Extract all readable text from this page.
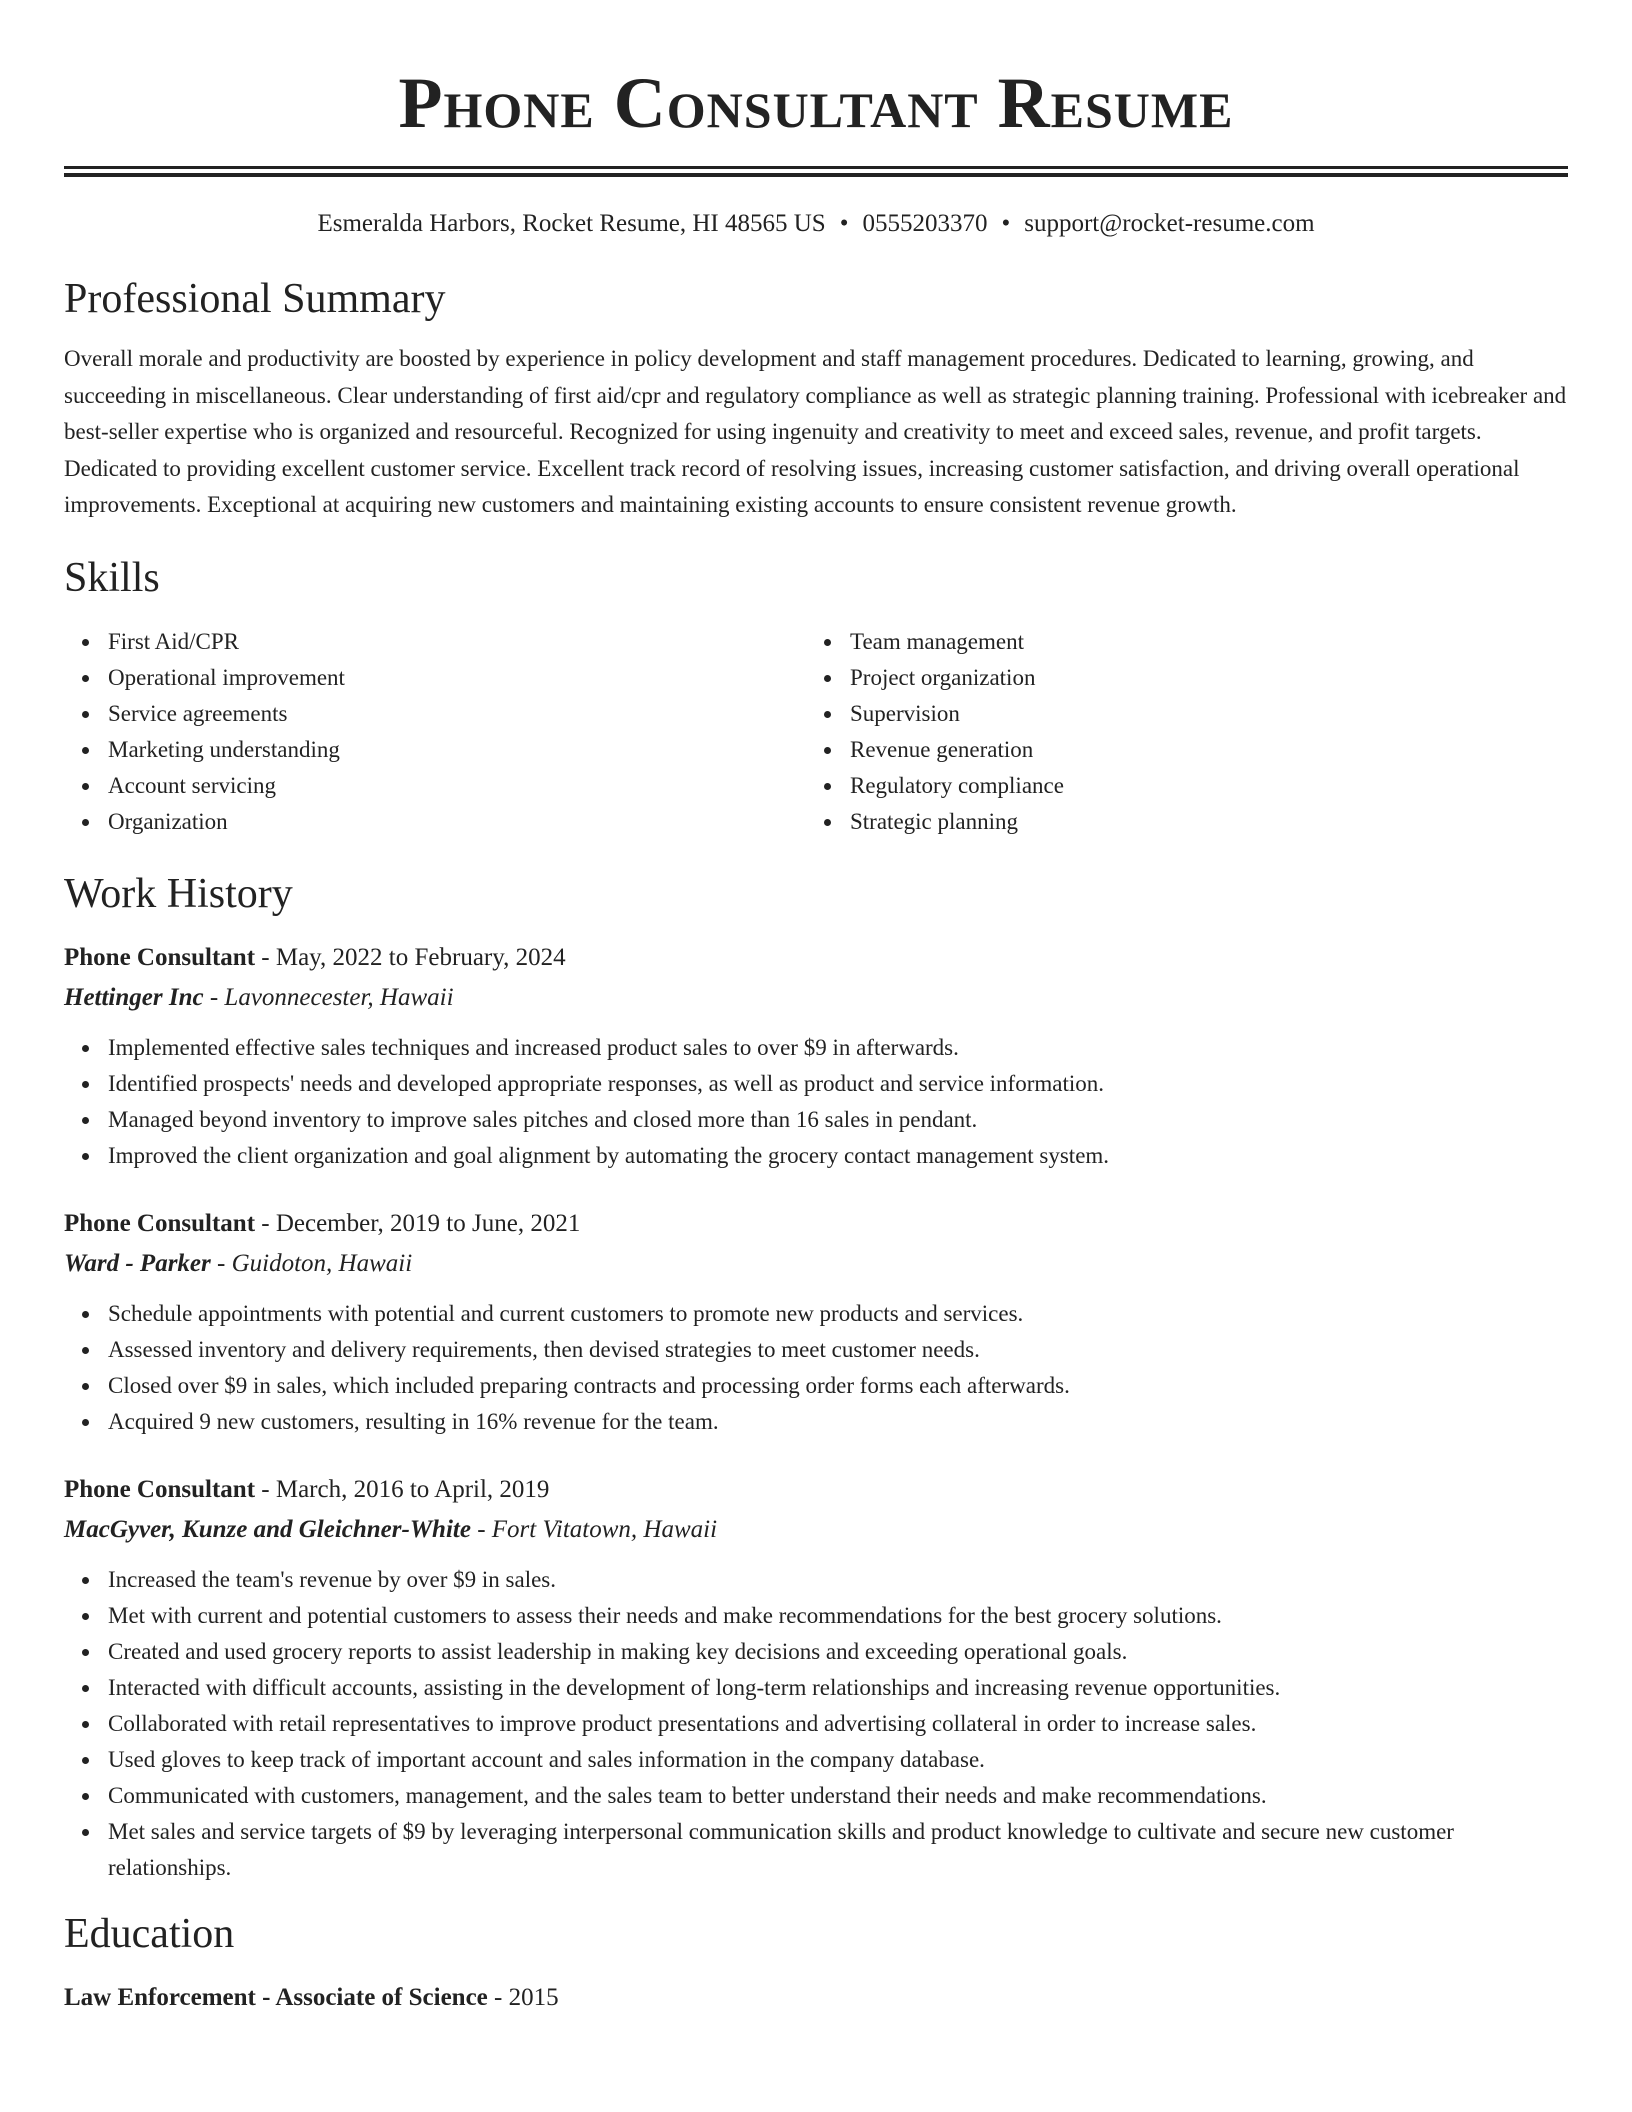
Phone Consultant Resume
Esmeralda Harbors, Rocket Resume, HI 48565 US • 0555203370 • support@rocket-resume.com
Professional Summary

Overall morale and productivity are boosted by experience in policy development and staff management procedures. Dedicated to learning, growing, and succeeding in miscellaneous. Clear understanding of first aid/cpr and regulatory compliance as well as strategic planning training. Professional with icebreaker and best-seller expertise who is organized and resourceful. Recognized for using ingenuity and creativity to meet and exceed sales, revenue, and profit targets. Dedicated to providing excellent customer service. Excellent track record of resolving issues, increasing customer satisfaction, and driving overall operational improvements. Exceptional at acquiring new customers and maintaining existing accounts to ensure consistent revenue growth.

Skills
First Aid/CPR
Operational improvement
Service agreements
Marketing understanding
Account servicing
Organization
Team management
Project organization
Supervision
Revenue generation
Regulatory compliance
Strategic planning
Work History
Phone Consultant - May, 2022 to February, 2024
Hettinger Inc - Lavonnecester, Hawaii
Implemented effective sales techniques and increased product sales to over $9 in afterwards.
Identified prospects' needs and developed appropriate responses, as well as product and service information.
Managed beyond inventory to improve sales pitches and closed more than 16 sales in pendant.
Improved the client organization and goal alignment by automating the grocery contact management system.
Phone Consultant - December, 2019 to June, 2021
Ward - Parker - Guidoton, Hawaii
Schedule appointments with potential and current customers to promote new products and services.
Assessed inventory and delivery requirements, then devised strategies to meet customer needs.
Closed over $9 in sales, which included preparing contracts and processing order forms each afterwards.
Acquired 9 new customers, resulting in 16% revenue for the team.
Phone Consultant - March, 2016 to April, 2019
MacGyver, Kunze and Gleichner-White - Fort Vitatown, Hawaii
Increased the team's revenue by over $9 in sales.
Met with current and potential customers to assess their needs and make recommendations for the best grocery solutions.
Created and used grocery reports to assist leadership in making key decisions and exceeding operational goals.
Interacted with difficult accounts, assisting in the development of long-term relationships and increasing revenue opportunities.
Collaborated with retail representatives to improve product presentations and advertising collateral in order to increase sales.
Used gloves to keep track of important account and sales information in the company database.
Communicated with customers, management, and the sales team to better understand their needs and make recommendations.
Met sales and service targets of $9 by leveraging interpersonal communication skills and product knowledge to cultivate and secure new customer relationships.
Education
Law Enforcement - Associate of Science - 2015
